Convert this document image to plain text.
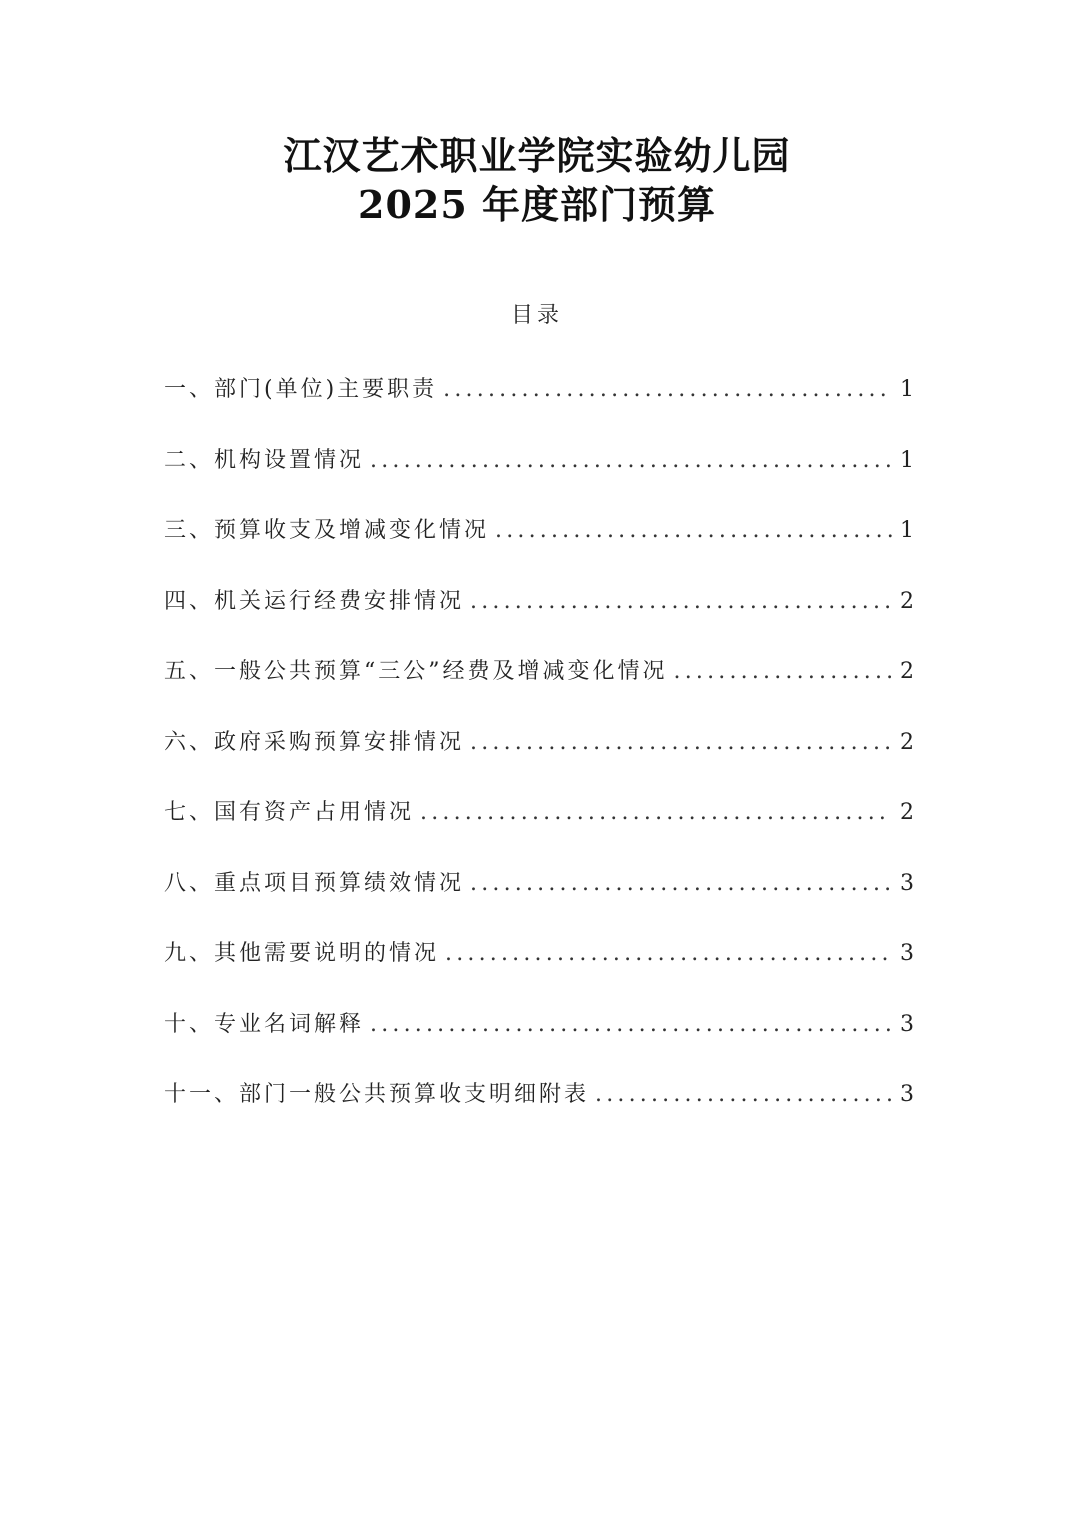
江汉艺术职业学院实验幼儿园
2025 年度部门预算
目录
一、部门(单位)主要职责 .....	1
二、机构设置情况 .....	1
三、预算收支及增减变化情况 .....	1
四、机关运行经费安排情况 .....	2
五、一般公共预算“三公”经费及增减变化情况 .....	2
六、政府采购预算安排情况 .....	2
七、国有资产占用情况 .....	2
八、重点项目预算绩效情况 .....	3
九、其他需要说明的情况 .....	3
十、专业名词解释 .....	3
十一、部门一般公共预算收支明细附表 .....	3
